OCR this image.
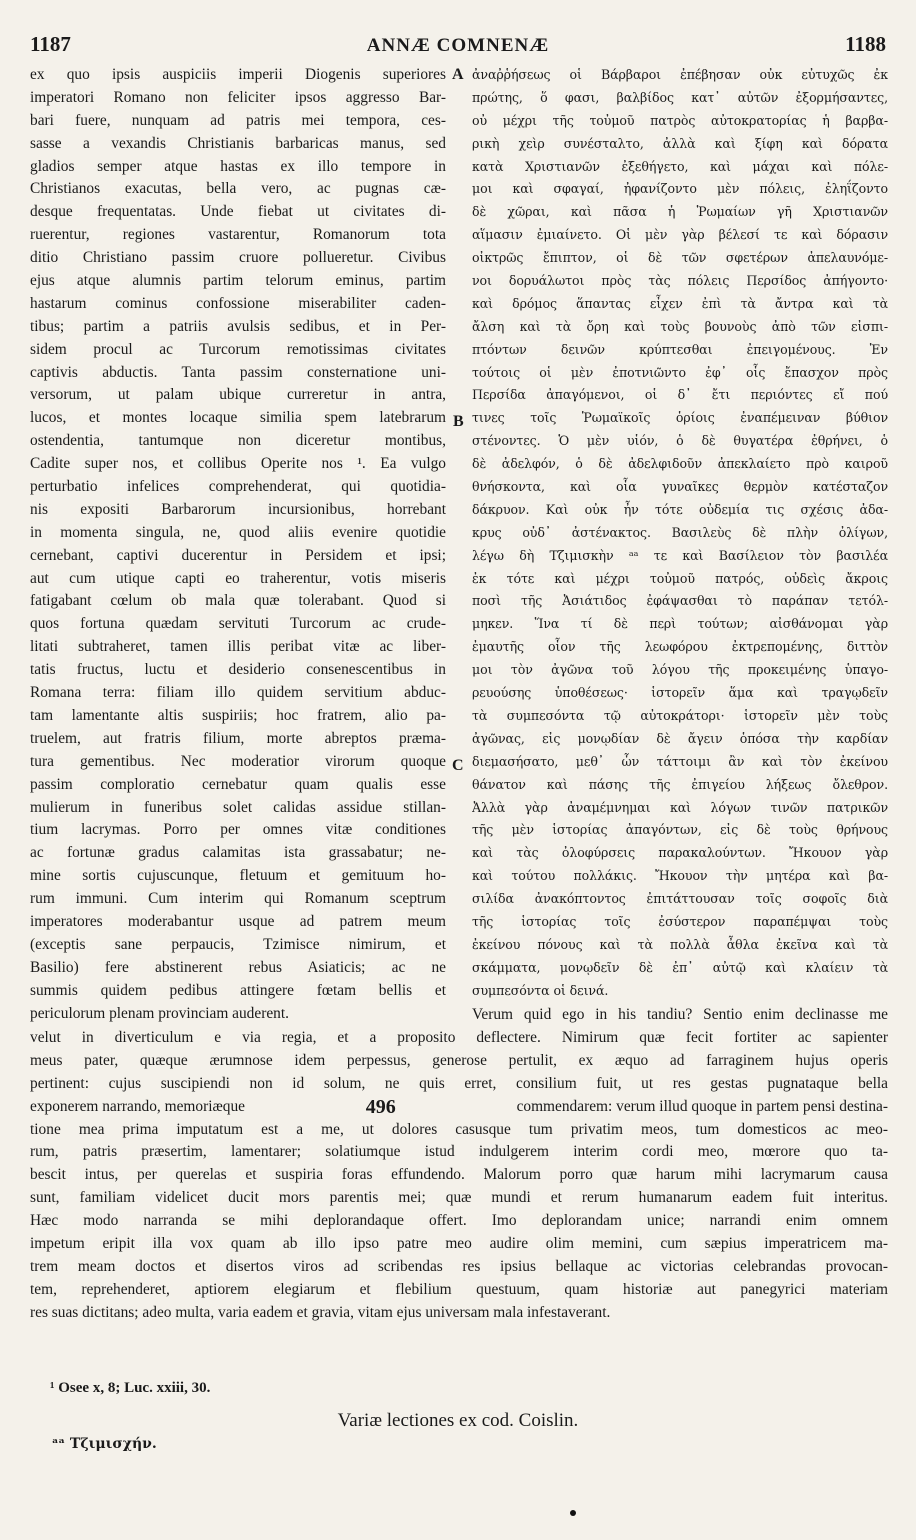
1187	ANNÆ COMNENÆ	1188
ex quo ipsis auspiciis imperii Diogenis superiores
imperatori Romano non feliciter ipsos aggresso Bar-
bari fuere, nunquam ad patris mei tempora, ces-
sasse a vexandis Christianis barbaricas manus, sed
gladios semper atque hastas ex illo tempore in
Christianos exacutas, bella vero, ac pugnas cæ-
desque frequentatas. Unde fiebat ut civitates di-
ruerentur, regiones vastarentur, Romanorum tota
ditio Christiano passim cruore pollueretur. Civibus
ejus atque alumnis partim telorum eminus, partim
hastarum cominus confossione miserabiliter caden-
tibus; partim a patriis avulsis sedibus, et in Per-
sidem procul ac Turcorum remotissimas civitates
captivis abductis. Tanta passim consternatione uni-
versorum, ut palam ubique curreretur in antra,
lucos, et montes locaque similia spem latebrarum
ostendentia, tantumque non diceretur montibus,
Cadite super nos, et collibus Operite nos ¹. Ea vulgo
perturbatio infelices comprehenderat, qui quotidia-
nis expositi Barbarorum incursionibus, horrebant
in momenta singula, ne, quod aliis evenire quotidie
cernebant, captivi ducerentur in Persidem et ipsi;
aut cum utique capti eo traherentur, votis miseris
fatigabant cœlum ob mala quæ tolerabant. Quod si
quos fortuna quædam servituti Turcorum ac crude-
litati subtraheret, tamen illis peribat vitæ ac liber-
tatis fructus, luctu et desiderio consenescentibus in
Romana terra: filiam illo quidem servitium abduc-
tam lamentante altis suspiriis; hoc fratrem, alio pa-
truelem, aut fratris filium, morte abreptos præma-
tura gementibus. Nec moderatior virorum quoque
passim comploratio cernebatur quam qualis esse
mulierum in funeribus solet calidas assidue stillan-
tium lacrymas. Porro per omnes vitæ conditiones
ac fortunæ gradus calamitas ista grassabatur; ne-
mine sortis cujuscunque, fletuum et gemituum ho-
rum immuni. Cum interim qui Romanum sceptrum
imperatores moderabantur usque ad patrem meum
(exceptis sane perpaucis, Tzimisce nimirum, et
Basilio) fere abstinerent rebus Asiaticis; ac ne
summis quidem pedibus attingere fœtam bellis et
periculorum plenam provinciam auderent.
ἀναῤῥήσεως οἱ Βάρβαροι ἐπέβησαν οὐκ εὐτυχῶς ἐκ
πρώτης, ὅ φασι, βαλβίδος κατ᾽ αὐτῶν ἐξορμήσαντες,
οὐ μέχρι τῆς τοὐμοῦ πατρὸς αὐτοκρατορίας ἡ βαρβα-
ρικὴ χεὶρ συνέσταλτο, ἀλλὰ καὶ ξίφη καὶ δόρατα
κατὰ Χριστιανῶν ἐξεθήγετο, καὶ μάχαι καὶ πόλε-
μοι καὶ σφαγαί, ἠφανίζοντο μὲν πόλεις, ἐληΐζοντο
δὲ χῶραι, καὶ πᾶσα ἡ Ῥωμαίων γῆ Χριστιανῶν
αἵμασιν ἐμιαίνετο. Οἱ μὲν γὰρ βέλεσί τε καὶ δόρασιν
οἰκτρῶς ἔπιπτον, οἱ δὲ τῶν σφετέρων ἀπελαυνόμε-
νοι δορυάλωτοι πρὸς τὰς πόλεις Περσίδος ἀπήγοντο·
καὶ δρόμος ἅπαντας εἶχεν ἐπὶ τὰ ἄντρα καὶ τὰ
ἄλση καὶ τὰ ὄρη καὶ τοὺς βουνοὺς ἀπὸ τῶν εἰσπι-
πτόντων δεινῶν κρύπτεσθαι ἐπειγομένους. Ἐν
τούτοις οἱ μὲν ἐποτνιῶντο ἐφ᾽ οἷς ἔπασχον πρὸς
Περσίδα ἀπαγόμενοι, οἱ δ᾽ ἔτι περιόντες εἴ πού
τινες τοῖς Ῥωμαϊκοῖς ὁρίοις ἐναπέμειναν βύθιον
στένοντες. Ὁ μὲν υἱόν, ὁ δὲ θυγατέρα ἐθρήνει, ὁ
δὲ ἀδελφόν, ὁ δὲ ἀδελφιδοῦν ἀπεκλαίετο πρὸ καιροῦ
θνήσκοντα, καὶ οἷα γυναῖκες θερμὸν κατέσταζον
δάκρυον. Καὶ οὐκ ἦν τότε οὐδεμία τις σχέσις ἀδα-
κρυς οὐδ᾽ ἀστένακτος. Βασιλεὺς δὲ πλὴν ὀλίγων,
λέγω δὴ Τζιμισκὴν ᵃᵃ τε καὶ Βασίλειον τὸν βασιλέα
ἐκ τότε καὶ μέχρι τοὐμοῦ πατρός, οὐδεὶς ἄκροις
ποσὶ τῆς Ἀσιάτιδος ἐφάψασθαι τὸ παράπαν τετόλ-
μηκεν. Ἵνα τί δὲ περὶ τούτων; αἰσθάνομαι γὰρ
ἐμαυτῆς οἷον τῆς λεωφόρου ἐκτρεπομένης, διττὸν
μοι τὸν ἀγῶνα τοῦ λόγου τῆς προκειμένης ὑπαγο-
ρευούσης ὑποθέσεως· ἱστορεῖν ἅμα καὶ τραγῳδεῖν
τὰ συμπεσόντα τῷ αὐτοκράτορι· ἱστορεῖν μὲν τοὺς
ἀγῶνας, εἰς μονῳδίαν δὲ ἄγειν ὁπόσα τὴν καρδίαν
διεμασήσατο, μεθ᾽ ὧν τάττοιμι ἂν καὶ τὸν ἐκείνου
θάνατον καὶ πάσης τῆς ἐπιγείου λήξεως ὄλεθρον.
Ἀλλὰ γὰρ ἀναμέμνημαι καὶ λόγων τινῶν πατρικῶν
τῆς μὲν ἱστορίας ἀπαγόντων, εἰς δὲ τοὺς θρήνους
καὶ τὰς ὀλοφύρσεις παρακαλούντων. Ἤκουον γὰρ
καὶ τούτου πολλάκις. Ἤκουον τὴν μητέρα καὶ βα-
σιλίδα ἀνακόπτοντος ἐπιτάττουσαν τοῖς σοφοῖς διὰ
τῆς ἱστορίας τοῖς ἐσύστερον παραπέμψαι τοὺς
ἐκείνου πόνους καὶ τὰ πολλὰ ἆθλα ἐκεῖνα καὶ τὰ
σκάμματα, μονῳδεῖν δὲ ἐπ᾽ αὐτῷ καὶ κλαίειν τὰ
συμπεσόντα οἱ δεινά.
A
B
C
Verum quid ego in his tandiu? Sentio enim declinasse me
velut in diverticulum e via regia, et a proposito deflectere. Nimirum quæ fecit fortiter ac sapienter
meus pater, quæque ærumnose idem perpessus, generose pertulit, ex æquo ad farraginem hujus operis
pertinent: cujus suscipiendi non id solum, ne quis erret, consilium fuit, ut res gestas pugnataque bella
exponerem narrando, memoriæque	496	commendarem: verum illud quoque in partem pensi destina-
tione mea prima imputatum est a me, ut dolores casusque tum privatim meos, tum domesticos ac meo-
rum, patris præsertim, lamentarer; solatiumque istud indulgerem interim cordi meo, mœrore quo ta-
bescit intus, per querelas et suspiria foras effundendo. Malorum porro quæ harum mihi lacrymarum causa
sunt, familiam videlicet ducit mors parentis mei; quæ mundi et rerum humanarum eadem fuit interitus.
Hæc modo narranda se mihi deplorandaque offert. Imo deplorandam unice; narrandi enim omnem
impetum eripit illa vox quam ab illo ipso patre meo audire olim memini, cum sæpius imperatricem ma-
trem meam doctos et disertos viros ad scribendas res ipsius bellaque ac victorias celebrandas provocan-
tem, reprehenderet, aptiorem elegiarum et flebilium questuum, quam historiæ aut panegyrici materiam
res suas dictitans; adeo multa, varia eadem et gravia, vitam ejus universam mala infestaverant.
¹ Osee x, 8; Luc. xxiii, 30.
Variæ lectiones ex cod. Coislin.
ᵃᵃ Τζιμισχήν.
